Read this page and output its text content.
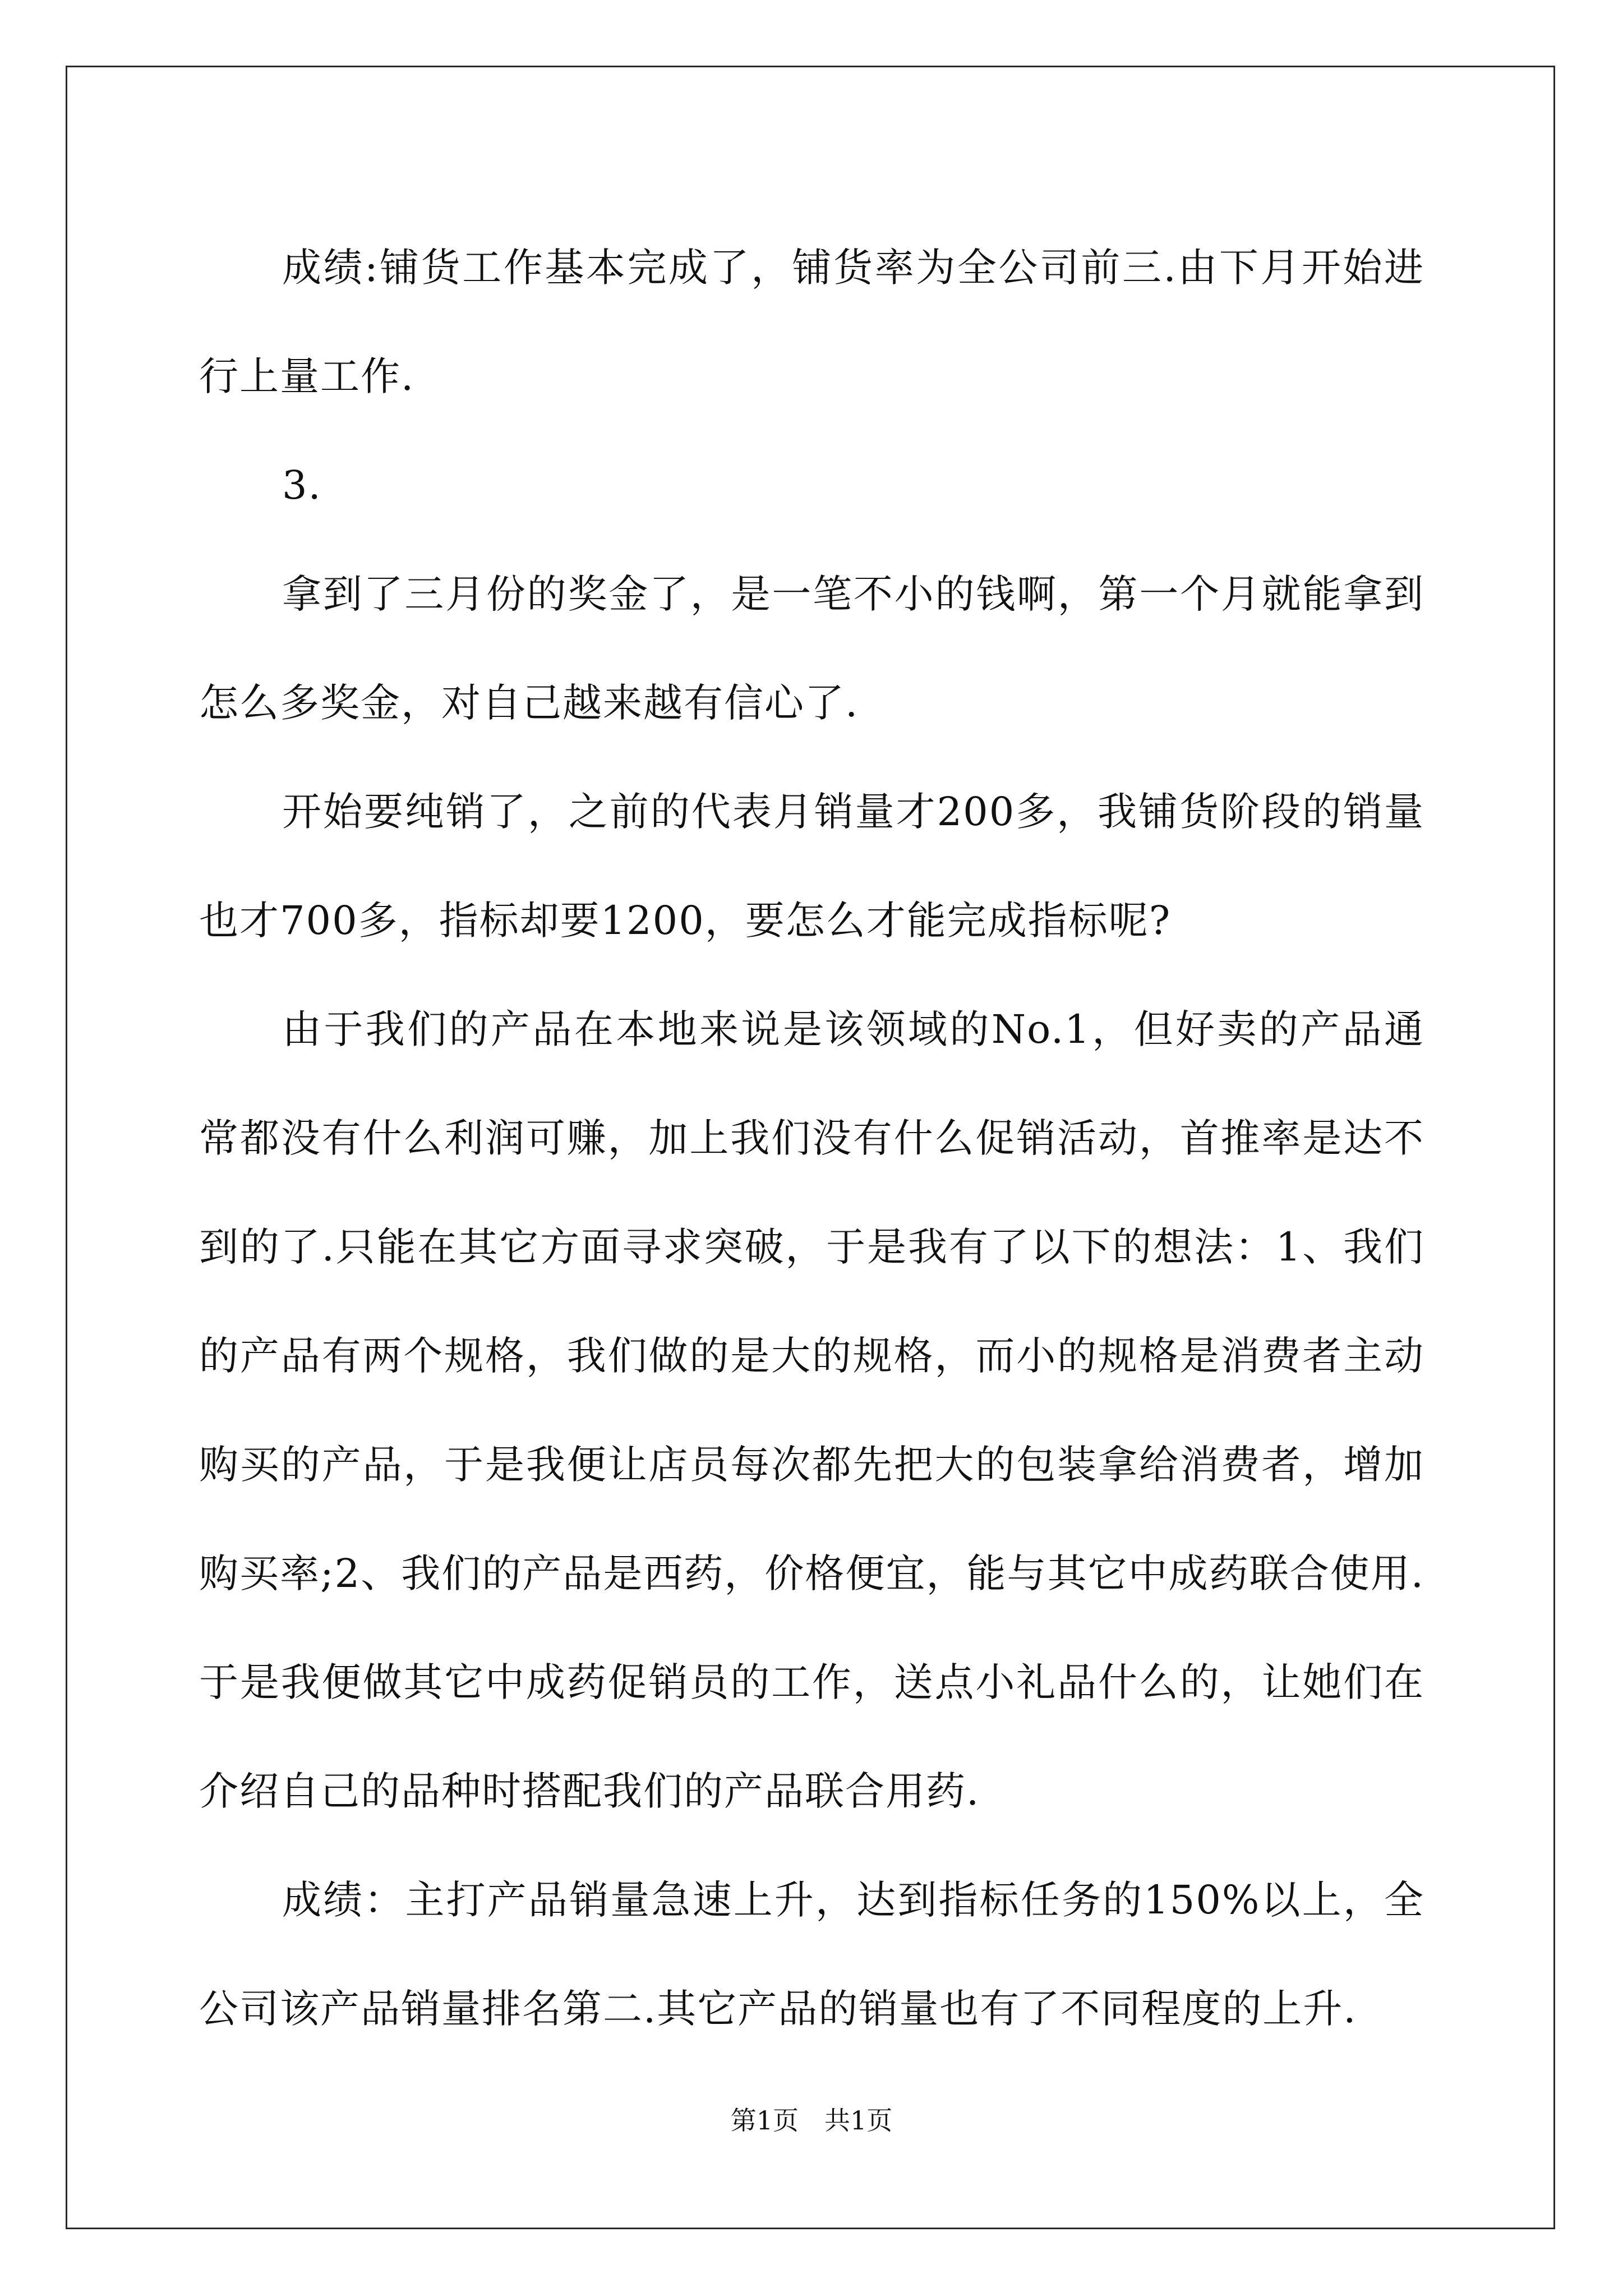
成绩:铺货工作基本完成了，铺货率为全公司前三.由下月开始进行上量工作.

3.

拿到了三月份的奖金了，是一笔不小的钱啊，第一个月就能拿到怎么多奖金，对自己越来越有信心了.

开始要纯销了，之前的代表月销量才200多，我铺货阶段的销量也才700多，指标却要1200，要怎么才能完成指标呢?

由于我们的产品在本地来说是该领域的No.1，但好卖的产品通常都没有什么利润可赚，加上我们没有什么促销活动，首推率是达不到的了.只能在其它方面寻求突破，于是我有了以下的想法：1、我们的产品有两个规格，我们做的是大的规格，而小的规格是消费者主动购买的产品，于是我便让店员每次都先把大的包装拿给消费者，增加购买率;2、我们的产品是西药，价格便宜，能与其它中成药联合使用.于是我便做其它中成药促销员的工作，送点小礼品什么的，让她们在介绍自己的品种时搭配我们的产品联合用药.

成绩：主打产品销量急速上升，达到指标任务的150%以上，全公司该产品销量排名第二.其它产品的销量也有了不同程度的上升.

第1页　共1页
